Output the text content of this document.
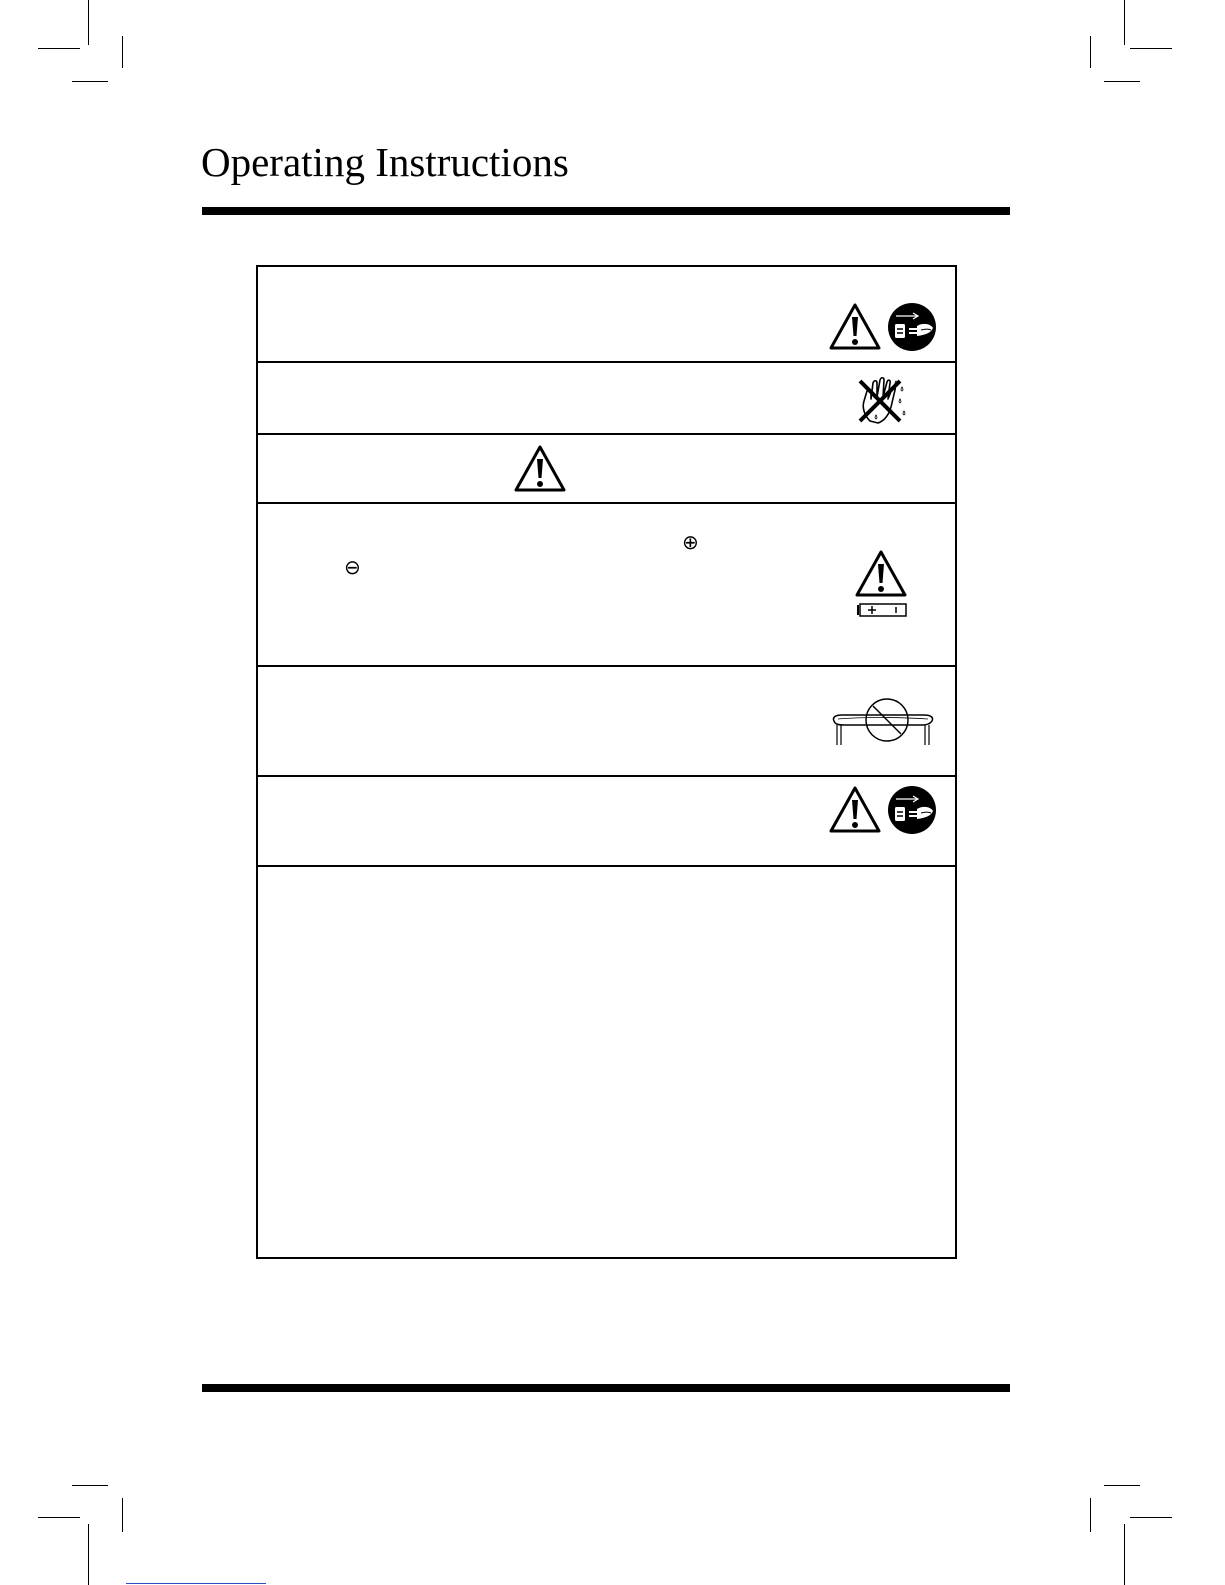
Operating Instructions
⊕
⊖
